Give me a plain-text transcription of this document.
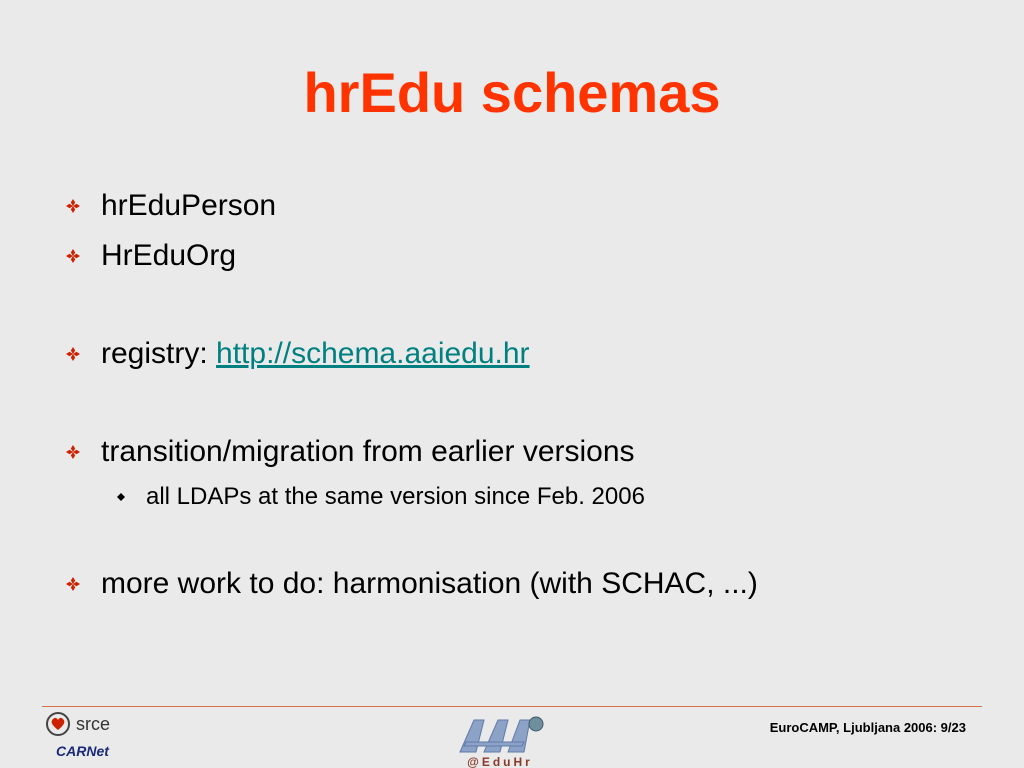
hrEdu schemas
hrEduPerson
HrEduOrg
registry: http://schema.aaiedu.hr
transition/migration from earlier versions
all LDAPs at the same version since Feb. 2006
more work to do: harmonisation (with SCHAC, ...)
srce
CARNet
@EduHr
EuroCAMP, Ljubljana 2006: 9/23
